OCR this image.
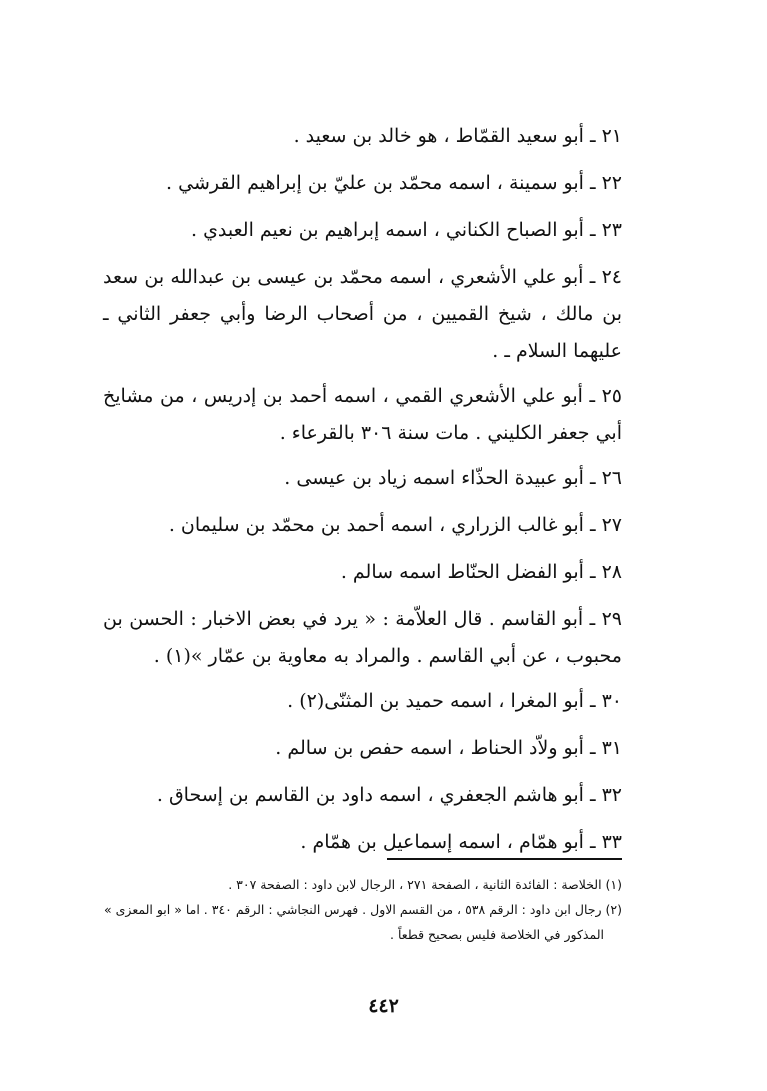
٢١ ـ أبو سعيد القمّاط ، هو خالد بن سعيد .

٢٢ ـ أبو سمينة ، اسمه محمّد بن عليّ بن إبراهيم القرشي .

٢٣ ـ أبو الصباح الكناني ، اسمه إبراهيم بن نعيم العبدي .

٢٤ ـ أبو علي الأشعري ، اسمه محمّد بن عيسى بن عبدالله بن سعد بن مالك ، شيخ القميين ، من أصحاب الرضا وأبي جعفر الثاني ـ عليهما السلام ـ .

٢٥ ـ أبو علي الأشعري القمي ، اسمه أحمد بن إدريس ، من مشايخ أبي جعفر الكليني . مات سنة ٣٠٦ بالقرعاء .

٢٦ ـ أبو عبيدة الحذّاء اسمه زياد بن عيسى .

٢٧ ـ أبو غالب الزراري ، اسمه أحمد بن محمّد بن سليمان .

٢٨ ـ أبو الفضل الحنّاط اسمه سالم .

٢٩ ـ أبو القاسم . قال العلاّمة : « يرد في بعض الاخبار : الحسن بن محبوب ، عن أبي القاسم . والمراد به معاوية بن عمّار »(١) .

٣٠ ـ أبو المغرا ، اسمه حميد بن المثنّى(٢) .

٣١ ـ أبو ولاّد الحناط ، اسمه حفص بن سالم .

٣٢ ـ أبو هاشم الجعفري ، اسمه داود بن القاسم بن إسحاق .

٣٣ ـ أبو همّام ، اسمه إسماعيل بن همّام .

(١) الخلاصة : الفائدة الثانية ، الصفحة ٢٧١ ، الرجال لابن داود : الصفحة ٣٠٧ .

(٢) رجال ابن داود : الرقم ٥٣٨ ، من القسم الاول . فهرس النجاشي : الرقم ٣٤٠ . اما « ابو المعزى »

المذكور في الخلاصة فليس بصحيح قطعاً .

٤٤٢
